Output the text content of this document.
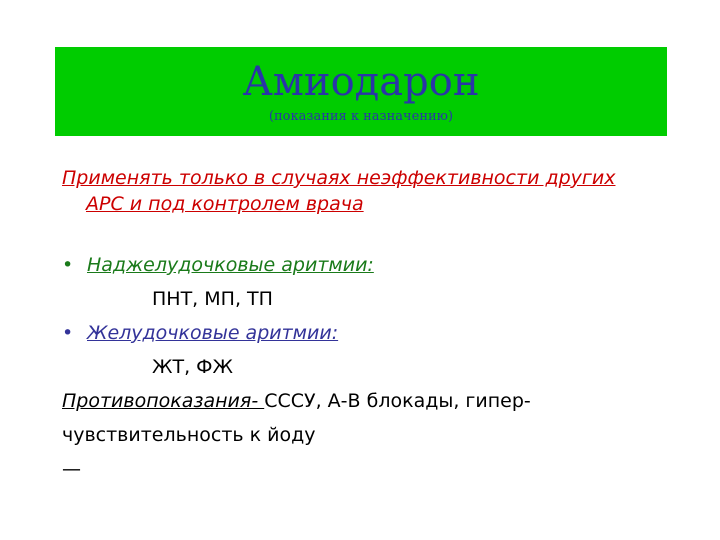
Амиодарон
(показания к назначению)
Применять только в случаях неэффективности других
АРС и под контролем врача
• Наджелудочковые аритмии:
ПНТ, МП, ТП
• Желудочковые аритмии:
ЖТ, ФЖ
Противопоказания- СССУ, А-В блокады, гипер-
чувствительность к йоду
—
